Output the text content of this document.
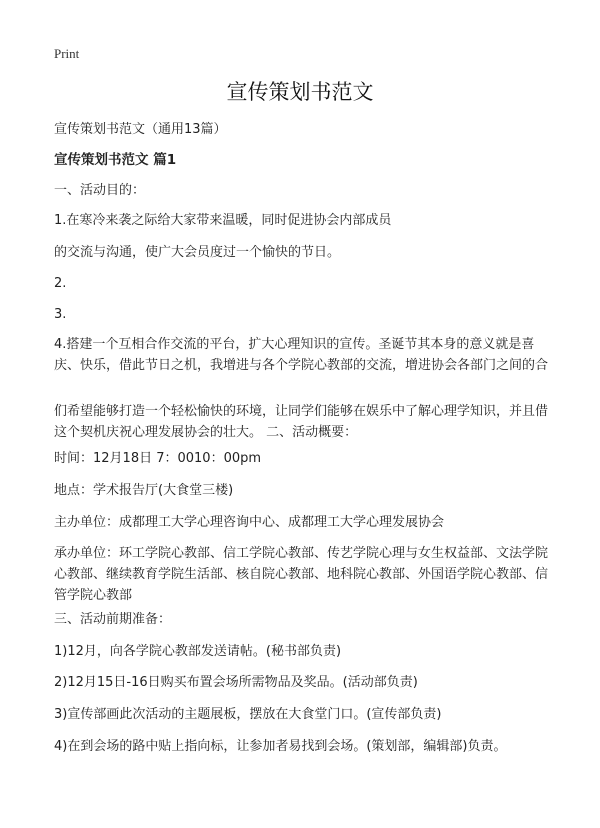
Print
宣传策划书范文
宣传策划书范文（通用13篇）
宣传策划书范文 篇1
一、活动目的：
1.在寒冷来袭之际给大家带来温暖，同时促进协会内部成员
的交流与沟通，使广大会员度过一个愉快的节日。
2.
3.
4.搭建一个互相合作交流的平台，扩大心理知识的宣传。圣诞节其本身的意义就是喜庆、快乐，借此节日之机，我增进与各个学院心教部的交流，增进协会各部门之间的合
们希望能够打造一个轻松愉快的环境，让同学们能够在娱乐中了解心理学知识，并且借这个契机庆祝心理发展协会的壮大。 二、活动概要：
时间：12月18日 7：0010：00pm
地点：学术报告厅(大食堂三楼)
主办单位：成都理工大学心理咨询中心、成都理工大学心理发展协会
承办单位：环工学院心教部、信工学院心教部、传艺学院心理与女生权益部、文法学院心教部、继续教育学院生活部、核自院心教部、地科院心教部、外国语学院心教部、信管学院心教部
三、活动前期准备：
1)12月，向各学院心教部发送请帖。(秘书部负责)
2)12月15日-16日购买布置会场所需物品及奖品。(活动部负责)
3)宣传部画此次活动的主题展板，摆放在大食堂门口。(宣传部负责)
4)在到会场的路中贴上指向标，让参加者易找到会场。(策划部，编辑部)负责。
